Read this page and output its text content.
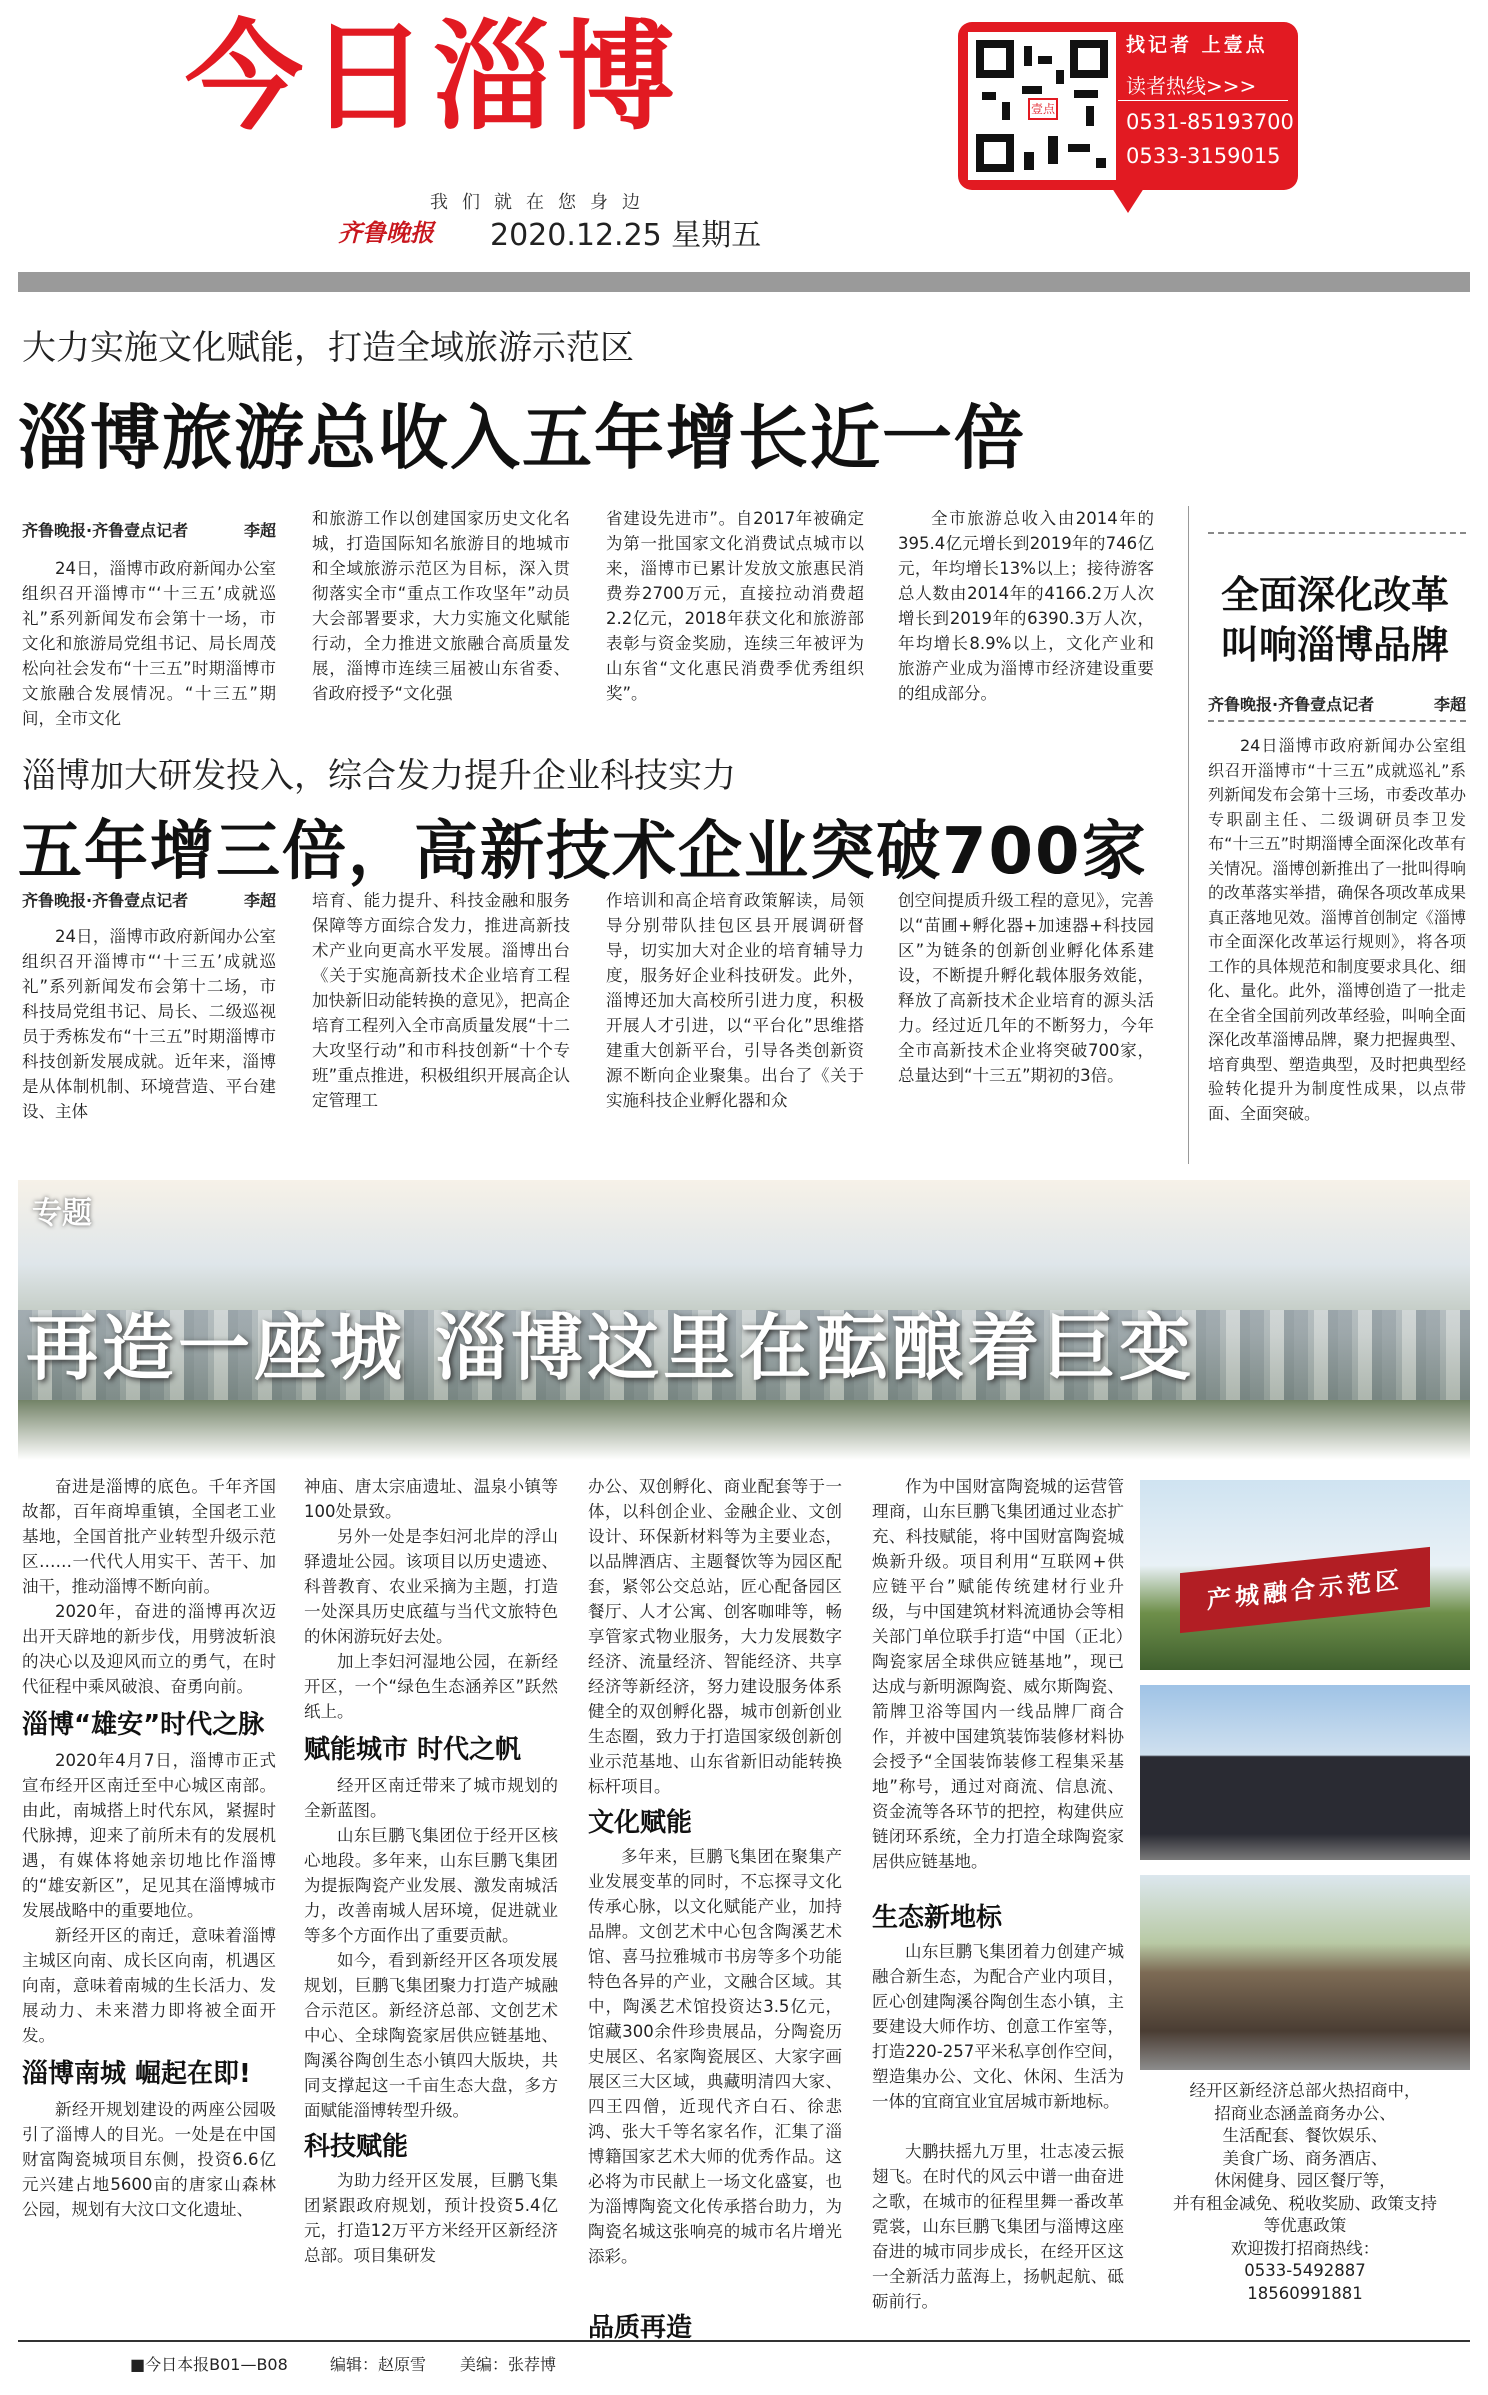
今日淄博
我们就在您身边
齐鲁晚报 2020.12.25 星期五
壹点
找记者 上壹点
读者热线>>>
0531-85193700
0533-3159015
大力实施文化赋能，打造全域旅游示范区
淄博旅游总收入五年增长近一倍
齐鲁晚报·齐鲁壹点记者	李超
24日，淄博市政府新闻办公室组织召开淄博市“‘十三五’成就巡礼”系列新闻发布会第十一场，市文化和旅游局党组书记、局长周茂松向社会发布“十三五”时期淄博市文旅融合发展情况。“十三五”期间，全市文化
和旅游工作以创建国家历史文化名城，打造国际知名旅游目的地城市和全域旅游示范区为目标，深入贯彻落实全市“重点工作攻坚年”动员大会部署要求，大力实施文化赋能行动，全力推进文旅融合高质量发展，淄博市连续三届被山东省委、省政府授予“文化强
省建设先进市”。自2017年被确定为第一批国家文化消费试点城市以来，淄博市已累计发放文旅惠民消费券2700万元，直接拉动消费超2.2亿元，2018年获文化和旅游部表彰与资金奖励，连续三年被评为山东省“文化惠民消费季优秀组织奖”。
全市旅游总收入由2014年的395.4亿元增长到2019年的746亿元，年均增长13%以上；接待游客总人数由2014年的4166.2万人次增长到2019年的6390.3万人次，年均增长8.9%以上，文化产业和旅游产业成为淄博市经济建设重要的组成部分。
淄博加大研发投入，综合发力提升企业科技实力
五年增三倍，高新技术企业突破700家
齐鲁晚报·齐鲁壹点记者	李超
24日，淄博市政府新闻办公室组织召开淄博市“‘十三五’成就巡礼”系列新闻发布会第十二场，市科技局党组书记、局长、二级巡视员于秀栋发布“十三五”时期淄博市科技创新发展成就。近年来，淄博是从体制机制、环境营造、平台建设、主体
培育、能力提升、科技金融和服务保障等方面综合发力，推进高新技术产业向更高水平发展。淄博出台《关于实施高新技术企业培育工程加快新旧动能转换的意见》，把高企培育工程列入全市高质量发展“十二大攻坚行动”和市科技创新“十个专班”重点推进，积极组织开展高企认定管理工
作培训和高企培育政策解读，局领导分别带队挂包区县开展调研督导，切实加大对企业的培育辅导力度，服务好企业科技研发。此外，淄博还加大高校所引进力度，积极开展人才引进，以“平台化”思维搭建重大创新平台，引导各类创新资源不断向企业聚集。出台了《关于实施科技企业孵化器和众
创空间提质升级工程的意见》，完善以“苗圃+孵化器+加速器+科技园区”为链条的创新创业孵化体系建设，不断提升孵化载体服务效能，释放了高新技术企业培育的源头活力。经过近几年的不断努力，今年全市高新技术企业将突破700家，总量达到“十三五”期初的3倍。
全面深化改革
叫响淄博品牌
齐鲁晚报·齐鲁壹点记者	李超
24日淄博市政府新闻办公室组织召开淄博市“十三五”成就巡礼”系列新闻发布会第十三场，市委改革办专职副主任、二级调研员李卫发布“十三五”时期淄博全面深化改革有关情况。淄博创新推出了一批叫得响的改革落实举措，确保各项改革成果真正落地见效。淄博首创制定《淄博市全面深化改革运行规则》，将各项工作的具体规范和制度要求具化、细化、量化。此外，淄博创造了一批走在全省全国前列改革经验，叫响全面深化改革淄博品牌，聚力把握典型、培育典型、塑造典型，及时把典型经验转化提升为制度性成果，以点带面、全面突破。
专题
再造一座城 淄博这里在酝酿着巨变

奋进是淄博的底色。千年齐国故都，百年商埠重镇，全国老工业基地，全国首批产业转型升级示范区……一代代人用实干、苦干、加油干，推动淄博不断向前。

2020年，奋进的淄博再次迈出开天辟地的新步伐，用劈波斩浪的决心以及迎风而立的勇气，在时代征程中乘风破浪、奋勇向前。

淄博“雄安”时代之脉

2020年4月7日，淄博市正式宣布经开区南迁至中心城区南部。由此，南城搭上时代东风，紧握时代脉搏，迎来了前所未有的发展机遇，有媒体将她亲切地比作淄博的“雄安新区”，足见其在淄博城市发展战略中的重要地位。

新经开区的南迁，意味着淄博主城区向南、成长区向南，机遇区向南，意味着南城的生长活力、发展动力、未来潜力即将被全面开发。

淄博南城 崛起在即!

新经开规划建设的两座公园吸引了淄博人的目光。一处是在中国财富陶瓷城项目东侧，投资6.6亿元兴建占地5600亩的唐家山森林公园，规划有大汶口文化遗址、

神庙、唐太宗庙遗址、温泉小镇等100处景致。

另外一处是李妇河北岸的浮山驿遗址公园。该项目以历史遗迹、科普教育、农业采摘为主题，打造一处深具历史底蕴与当代文旅特色的休闲游玩好去处。

加上李妇河湿地公园，在新经开区，一个“绿色生态涵养区”跃然纸上。

赋能城市 时代之帆

经开区南迁带来了城市规划的全新蓝图。

山东巨鹏飞集团位于经开区核心地段。多年来，山东巨鹏飞集团为提振陶瓷产业发展、激发南城活力，改善南城人居环境，促进就业等多个方面作出了重要贡献。

如今，看到新经开区各项发展规划，巨鹏飞集团聚力打造产城融合示范区。新经济总部、文创艺术中心、全球陶瓷家居供应链基地、陶溪谷陶创生态小镇四大版块，共同支撑起这一千亩生态大盘，多方面赋能淄博转型升级。

科技赋能

为助力经开区发展，巨鹏飞集团紧跟政府规划，预计投资5.4亿元，打造12万平方米经开区新经济总部。项目集研发

办公、双创孵化、商业配套等于一体，以科创企业、金融企业、文创设计、环保新材料等为主要业态，以品牌酒店、主题餐饮等为园区配套，紧邻公交总站，匠心配备园区餐厅、人才公寓、创客咖啡等，畅享管家式物业服务，大力发展数字经济、流量经济、智能经济、共享经济等新经济，努力建设服务体系健全的双创孵化器，城市创新创业生态圈，致力于打造国家级创新创业示范基地、山东省新旧动能转换标杆项目。

文化赋能

多年来，巨鹏飞集团在聚集产业发展变革的同时，不忘探寻文化传承心脉，以文化赋能产业，加持品牌。文创艺术中心包含陶溪艺术馆、喜马拉雅城市书房等多个功能特色各异的产业，文融合区域。其中，陶溪艺术馆投资达3.5亿元，馆藏300余件珍贵展品，分陶瓷历史展区、名家陶瓷展区、大家字画展区三大区域，典藏明清四大家、四王四僧，近现代齐白石、徐悲鸿、张大千等名家名作，汇集了淄博籍国家艺术大师的优秀作品。这必将为市民献上一场文化盛宴，也为淄博陶瓷文化传承搭台助力，为陶瓷名城这张响亮的城市名片增光添彩。

品质再造

作为中国财富陶瓷城的运营管理商，山东巨鹏飞集团通过业态扩充、科技赋能，将中国财富陶瓷城焕新升级。项目利用“互联网+供应链平台”赋能传统建材行业升级，与中国建筑材料流通协会等相关部门单位联手打造“中国（正北）陶瓷家居全球供应链基地”，现已达成与新明源陶瓷、威尔斯陶瓷、箭牌卫浴等国内一线品牌厂商合作，并被中国建筑装饰装修材料协会授予“全国装饰装修工程集采基地”称号，通过对商流、信息流、资金流等各环节的把控，构建供应链闭环系统，全力打造全球陶瓷家居供应链基地。

生态新地标

山东巨鹏飞集团着力创建产城融合新生态，为配合产业内项目，匠心创建陶溪谷陶创生态小镇，主要建设大师作坊、创意工作室等，打造220-257平米私享创作空间，塑造集办公、文化、休闲、生活为一体的宜商宜业宜居城市新地标。

大鹏扶摇九万里，壮志凌云振翅飞。在时代的风云中谱一曲奋进之歌，在城市的征程里舞一番改革霓裳，山东巨鹏飞集团与淄博这座奋进的城市同步成长，在经开区这一全新活力蓝海上，扬帆起航、砥砺前行。

产城融合示范区
经开区新经济总部火热招商中，
招商业态涵盖商务办公、
生活配套、餐饮娱乐、
美食广场、商务酒店、
休闲健身、园区餐厅等，
并有租金减免、税收奖励、政策支持
等优惠政策
欢迎拨打招商热线：
0533-5492887
18560991881
■今日本报B01—B08	编辑：赵原雪 美编：张荐博
